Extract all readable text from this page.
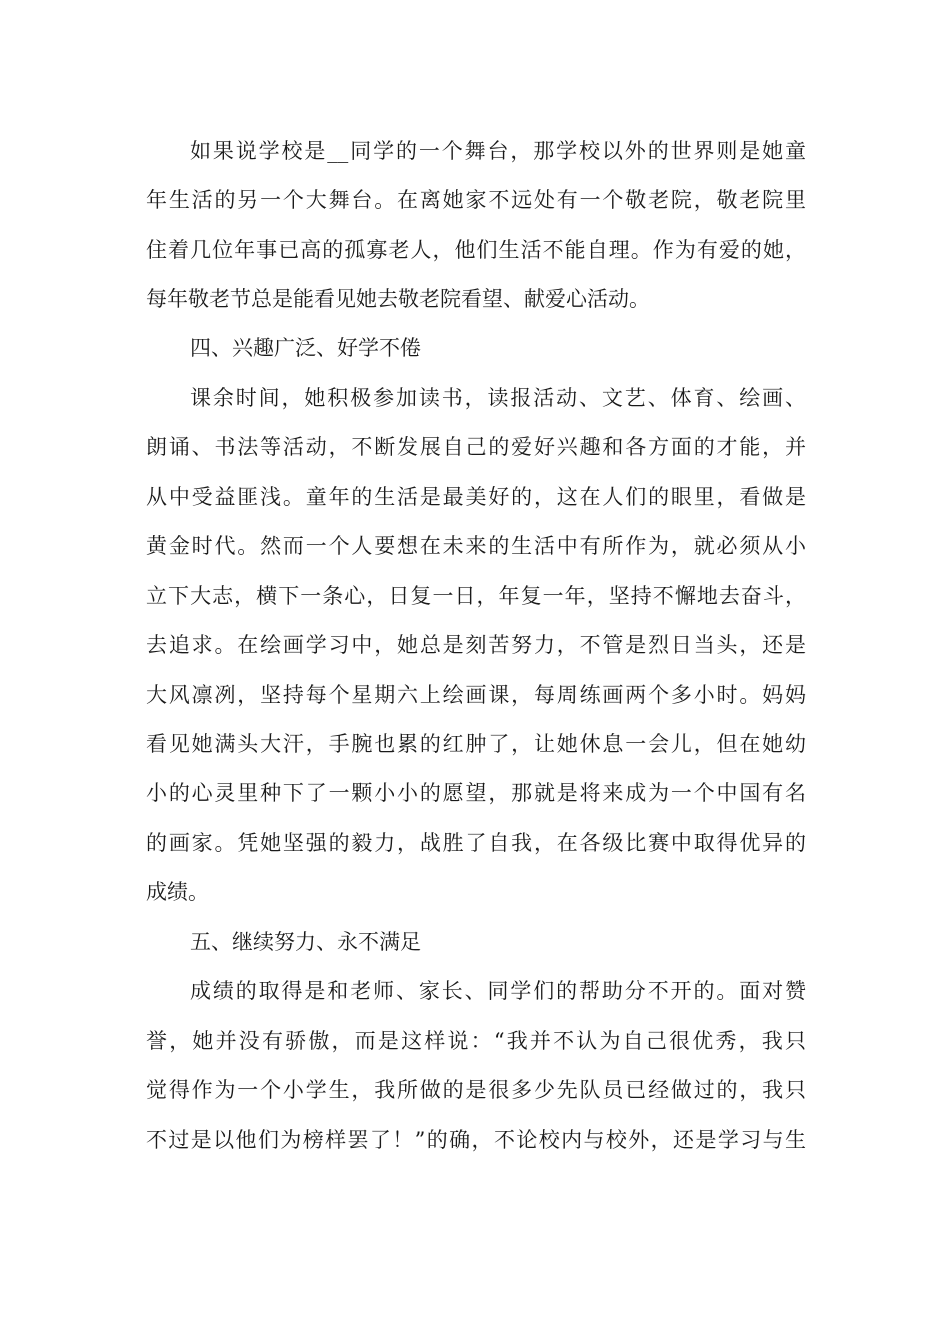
如果说学校是__同学的一个舞台，那学校以外的世界则是她童
年生活的另一个大舞台。在离她家不远处有一个敬老院，敬老院里
住着几位年事已高的孤寡老人，他们生活不能自理。作为有爱的她，
每年敬老节总是能看见她去敬老院看望、献爱心活动。
四、兴趣广泛、好学不倦
课余时间，她积极参加读书，读报活动、文艺、体育、绘画、
朗诵、书法等活动，不断发展自己的爱好兴趣和各方面的才能，并
从中受益匪浅。童年的生活是最美好的，这在人们的眼里，看做是
黄金时代。然而一个人要想在未来的生活中有所作为，就必须从小
立下大志，横下一条心，日复一日，年复一年，坚持不懈地去奋斗，
去追求。在绘画学习中，她总是刻苦努力，不管是烈日当头，还是
大风凛冽，坚持每个星期六上绘画课，每周练画两个多小时。妈妈
看见她满头大汗，手腕也累的红肿了，让她休息一会儿，但在她幼
小的心灵里种下了一颗小小的愿望，那就是将来成为一个中国有名
的画家。凭她坚强的毅力，战胜了自我，在各级比赛中取得优异的
成绩。
五、继续努力、永不满足
成绩的取得是和老师、家长、同学们的帮助分不开的。面对赞
誉，她并没有骄傲，而是这样说：“我并不认为自己很优秀，我只
觉得作为一个小学生，我所做的是很多少先队员已经做过的，我只
不过是以他们为榜样罢了！”的确，不论校内与校外，还是学习与生
